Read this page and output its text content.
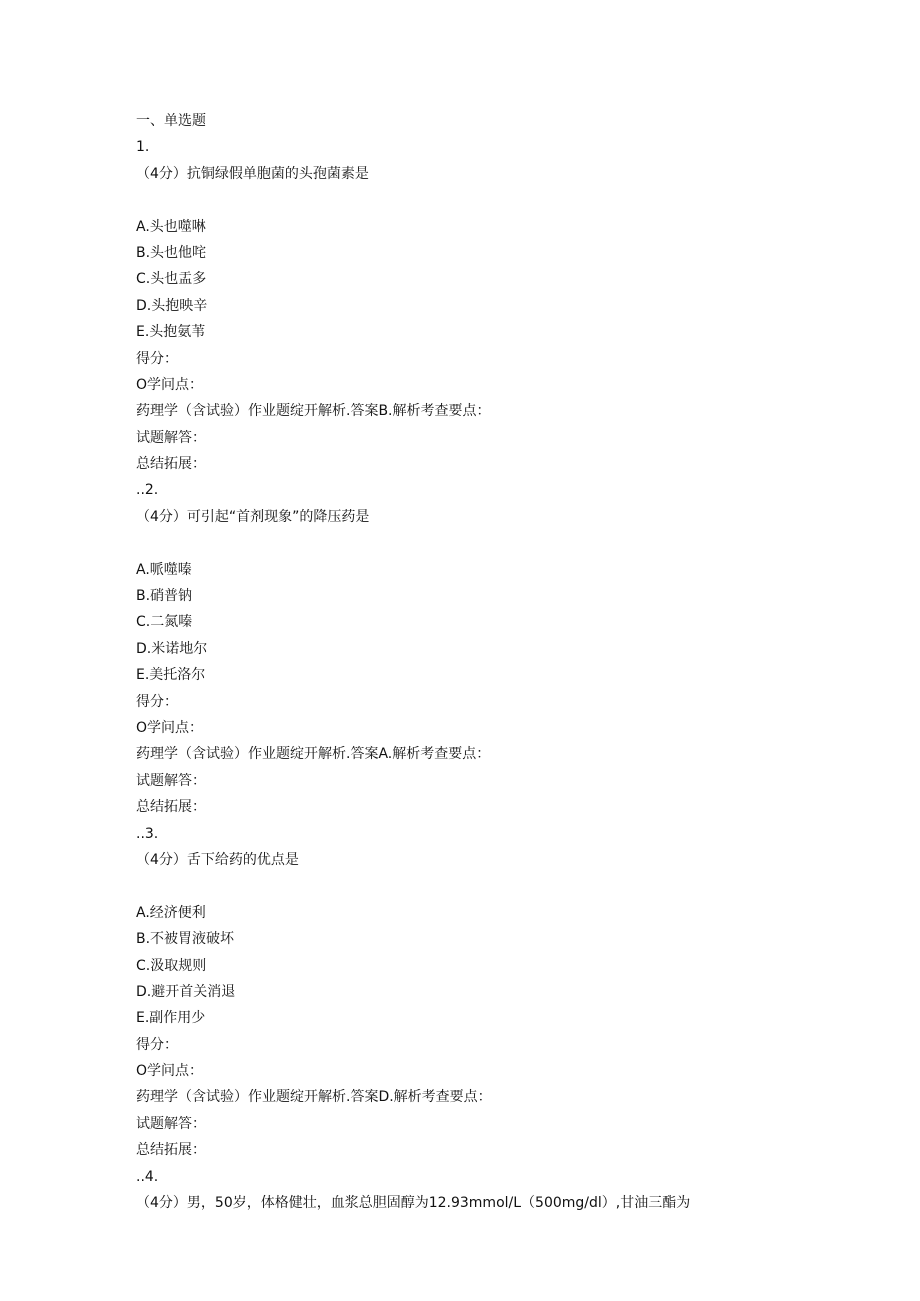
一、单选题
1.
（4分）抗铜绿假单胞菌的头孢菌素是
A.头也噬啉
B.头也他咤
C.头也盂多
D.头抱映辛
E.头抱氨苇
得分：
O学问点：
药理学（含试验）作业题绽开解析.答案B.解析考查要点：
试题解答：
总结拓展：
..2.
（4分）可引起“首剂现象”的降压药是
A.哌噬嗪
B.硝普钠
C.二氮嗪
D.米诺地尔
E.美托洛尔
得分：
O学问点：
药理学（含试验）作业题绽开解析.答案A.解析考查要点：
试题解答：
总结拓展：
..3.
（4分）舌下给药的优点是
A.经济便利
B.不被胃液破坏
C.汲取规则
D.避开首关消退
E.副作用少
得分：
O学问点：
药理学（含试验）作业题绽开解析.答案D.解析考查要点：
试题解答：
总结拓展：
..4.
（4分）男，50岁，体格健壮，血浆总胆固醇为12.93mmol/L（500mg/dl）,甘油三酯为
